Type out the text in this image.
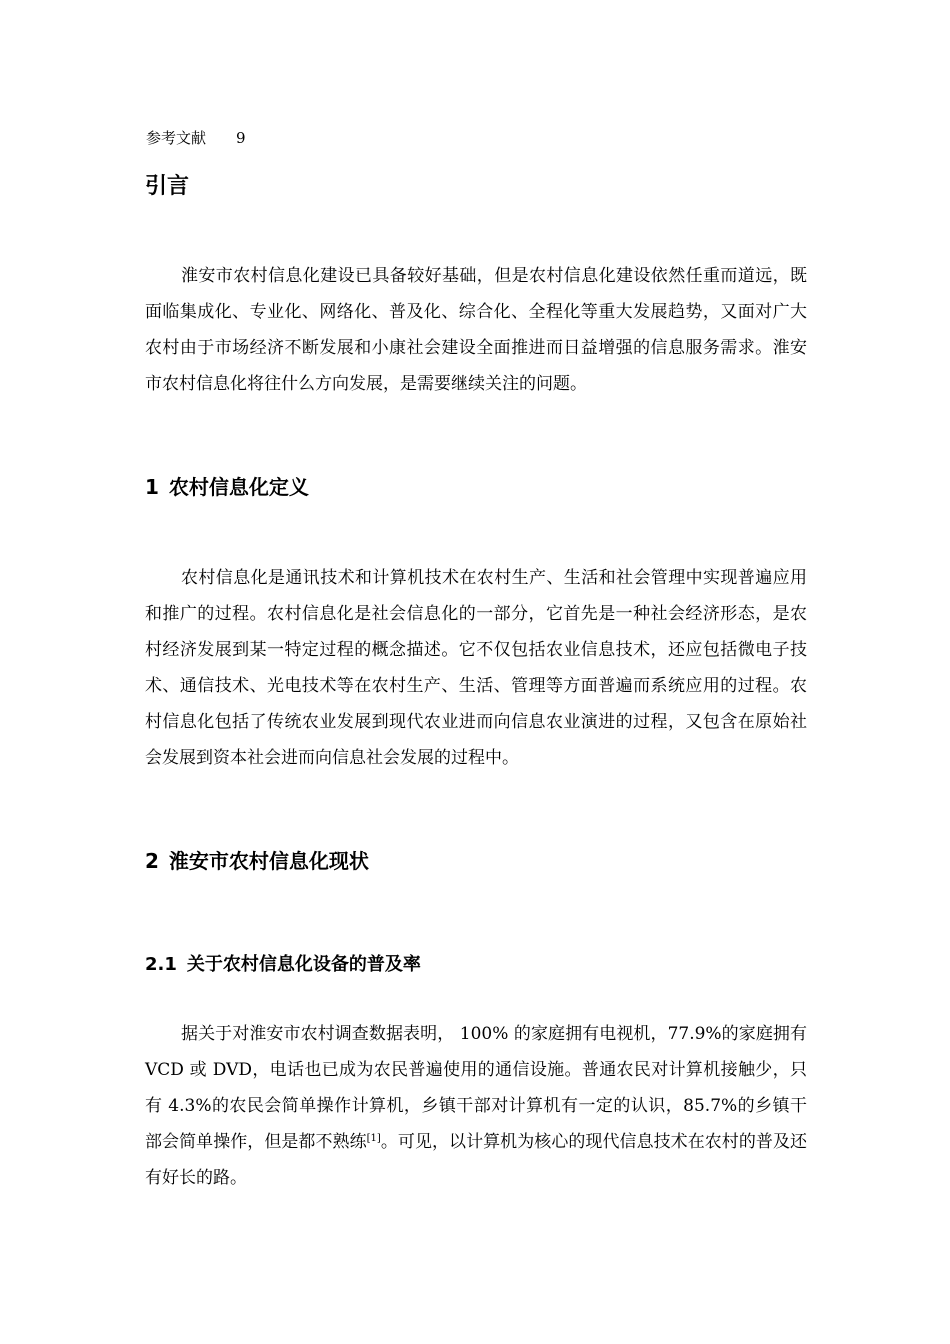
参考文献 9
引言

淮安市农村信息化建设已具备较好基础，但是农村信息化建设依然任重而道远，既面临集成化、专业化、网络化、普及化、综合化、全程化等重大发展趋势，又面对广大农村由于市场经济不断发展和小康社会建设全面推进而日益增强的信息服务需求。淮安市农村信息化将往什么方向发展，是需要继续关注的问题。

1 农村信息化定义

农村信息化是通讯技术和计算机技术在农村生产、生活和社会管理中实现普遍应用和推广的过程。农村信息化是社会信息化的一部分，它首先是一种社会经济形态，是农村经济发展到某一特定过程的概念描述。它不仅包括农业信息技术，还应包括微电子技术、通信技术、光电技术等在农村生产、生活、管理等方面普遍而系统应用的过程。农村信息化包括了传统农业发展到现代农业进而向信息农业演进的过程，又包含在原始社会发展到资本社会进而向信息社会发展的过程中。

2 淮安市农村信息化现状
2.1 关于农村信息化设备的普及率

据关于对淮安市农村调查数据表明， 100% 的家庭拥有电视机，77.9%的家庭拥有 VCD 或 DVD，电话也已成为农民普遍使用的通信设施。普通农民对计算机接触少，只有 4.3%的农民会简单操作计算机，乡镇干部对计算机有一定的认识，85.7%的乡镇干部会简单操作，但是都不熟练[1]。可见，以计算机为核心的现代信息技术在农村的普及还有好长的路。
